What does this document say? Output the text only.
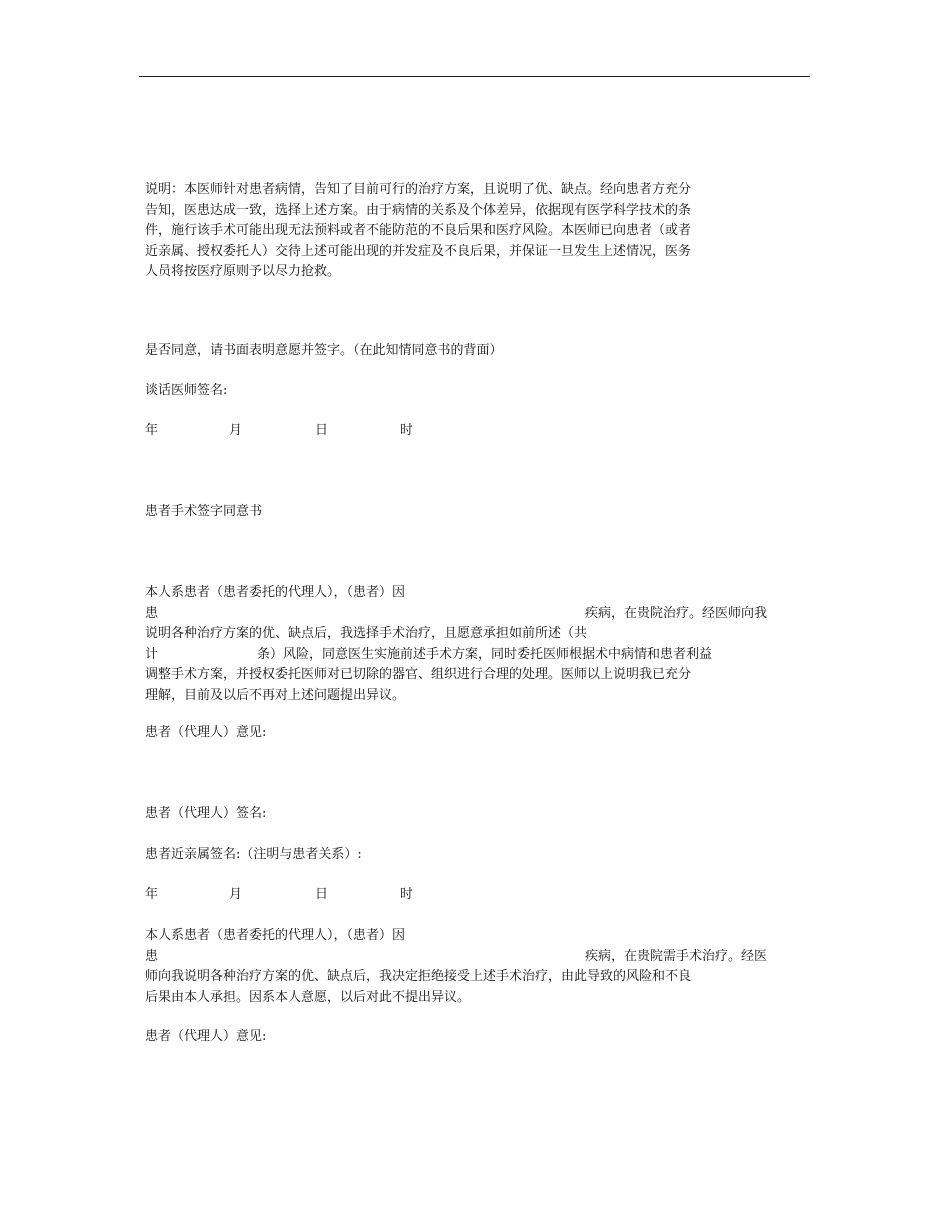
说明：本医师针对患者病情，告知了目前可行的治疗方案，且说明了优、缺点。经向患者方充分
告知，医患达成一致，选择上述方案。由于病情的关系及个体差异，依据现有医学科学技术的条
件，施行该手术可能出现无法预料或者不能防范的不良后果和医疗风险。本医师已向患者（或者
近亲属、授权委托人）交待上述可能出现的并发症及不良后果，并保证一旦发生上述情况，医务
人员将按医疗原则予以尽力抢救。
是否同意，请书面表明意愿并签字。（在此知情同意书的背面）
谈话医师签名:
年	月	日	时
患者手术签字同意书
本人系患者（患者委托的代理人），（患者）因
患	疾病，在贵院治疗。经医师向我
说明各种治疗方案的优、缺点后，我选择手术治疗，且愿意承担如前所述（共
计	条）风险，同意医生实施前述手术方案，同时委托医师根据术中病情和患者利益
调整手术方案，并授权委托医师对已切除的器官、组织进行合理的处理。医师以上说明我已充分
理解，目前及以后不再对上述问题提出异议。
患者（代理人）意见:
患者（代理人）签名:
患者近亲属签名:（注明与患者关系）:
年	月	日	时
本人系患者（患者委托的代理人），（患者）因
患	疾病，在贵院需手术治疗。经医
师向我说明各种治疗方案的优、缺点后，我决定拒绝接受上述手术治疗，由此导致的风险和不良
后果由本人承担。因系本人意愿，以后对此不提出异议。
患者（代理人）意见:
